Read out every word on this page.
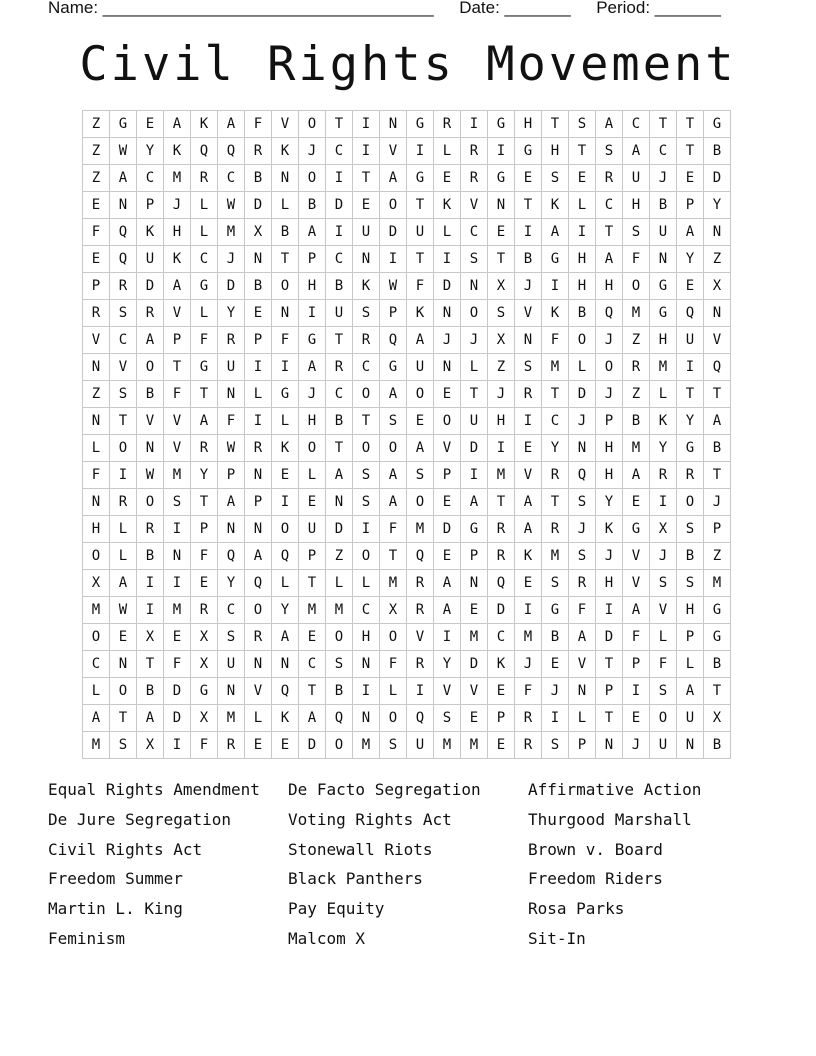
Name: ___________________________________ Date: _______ Period: _______
Civil Rights Movement
Z	G	E	A	K	A	F	V	O	T	I	N	G	R	I	G	H	T	S	A	C	T	T	G
Z	W	Y	K	Q	Q	R	K	J	C	I	V	I	L	R	I	G	H	T	S	A	C	T	B
Z	A	C	M	R	C	B	N	O	I	T	A	G	E	R	G	E	S	E	R	U	J	E	D
E	N	P	J	L	W	D	L	B	D	E	O	T	K	V	N	T	K	L	C	H	B	P	Y
F	Q	K	H	L	M	X	B	A	I	U	D	U	L	C	E	I	A	I	T	S	U	A	N
E	Q	U	K	C	J	N	T	P	C	N	I	T	I	S	T	B	G	H	A	F	N	Y	Z
P	R	D	A	G	D	B	O	H	B	K	W	F	D	N	X	J	I	H	H	O	G	E	X
R	S	R	V	L	Y	E	N	I	U	S	P	K	N	O	S	V	K	B	Q	M	G	Q	N
V	C	A	P	F	R	P	F	G	T	R	Q	A	J	J	X	N	F	O	J	Z	H	U	V
N	V	O	T	G	U	I	I	A	R	C	G	U	N	L	Z	S	M	L	O	R	M	I	Q
Z	S	B	F	T	N	L	G	J	C	O	A	O	E	T	J	R	T	D	J	Z	L	T	T
N	T	V	V	A	F	I	L	H	B	T	S	E	O	U	H	I	C	J	P	B	K	Y	A
L	O	N	V	R	W	R	K	O	T	O	O	A	V	D	I	E	Y	N	H	M	Y	G	B
F	I	W	M	Y	P	N	E	L	A	S	A	S	P	I	M	V	R	Q	H	A	R	R	T
N	R	O	S	T	A	P	I	E	N	S	A	O	E	A	T	A	T	S	Y	E	I	O	J
H	L	R	I	P	N	N	O	U	D	I	F	M	D	G	R	A	R	J	K	G	X	S	P
O	L	B	N	F	Q	A	Q	P	Z	O	T	Q	E	P	R	K	M	S	J	V	J	B	Z
X	A	I	I	E	Y	Q	L	T	L	L	M	R	A	N	Q	E	S	R	H	V	S	S	M
M	W	I	M	R	C	O	Y	M	M	C	X	R	A	E	D	I	G	F	I	A	V	H	G
O	E	X	E	X	S	R	A	E	O	H	O	V	I	M	C	M	B	A	D	F	L	P	G
C	N	T	F	X	U	N	N	C	S	N	F	R	Y	D	K	J	E	V	T	P	F	L	B
L	O	B	D	G	N	V	Q	T	B	I	L	I	V	V	E	F	J	N	P	I	S	A	T
A	T	A	D	X	M	L	K	A	Q	N	O	Q	S	E	P	R	I	L	T	E	O	U	X
M	S	X	I	F	R	E	E	D	O	M	S	U	M	M	E	R	S	P	N	J	U	N	B
Equal Rights Amendment	De Facto Segregation	Affirmative Action
De Jure Segregation	Voting Rights Act	Thurgood Marshall
Civil Rights Act	Stonewall Riots	Brown v. Board
Freedom Summer	Black Panthers	Freedom Riders
Martin L. King	Pay Equity	Rosa Parks
Feminism	Malcom X	Sit-In
